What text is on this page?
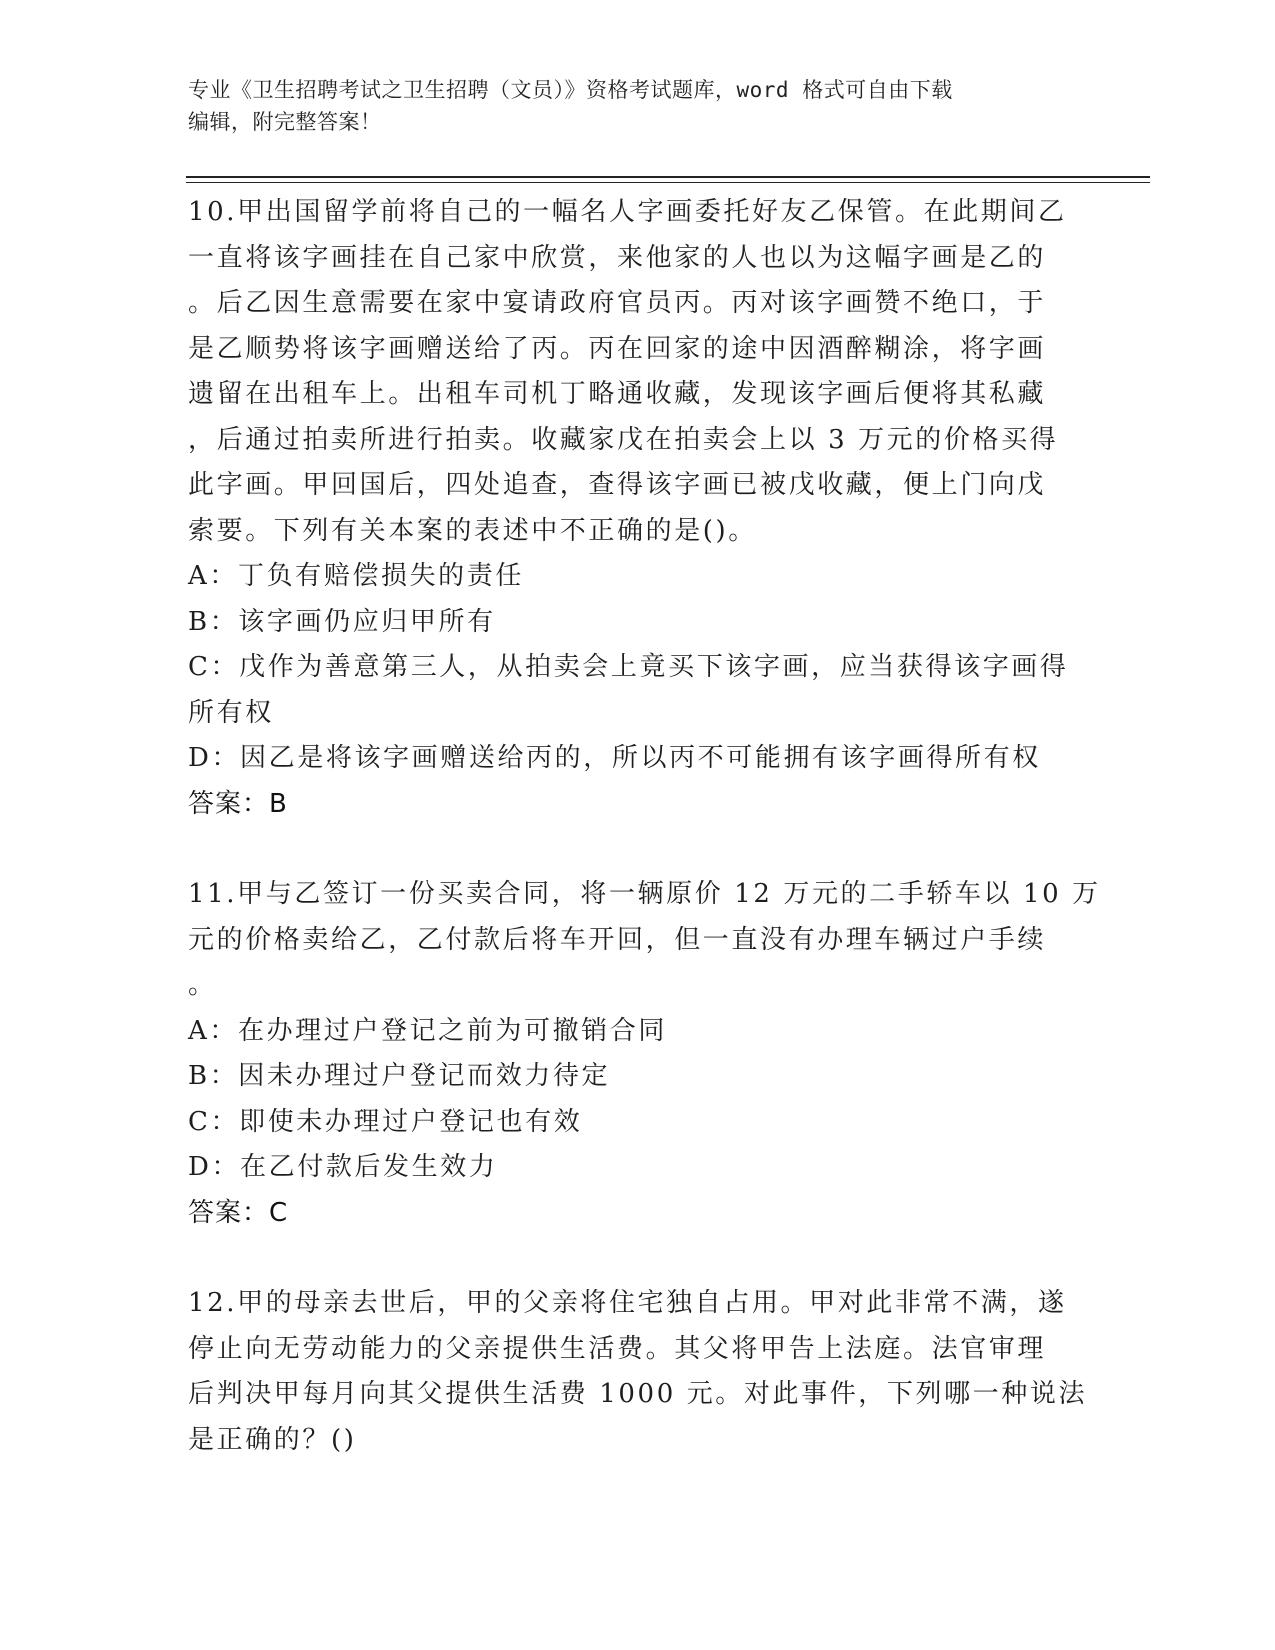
专业《卫生招聘考试之卫生招聘（文员）》资格考试题库，word 格式可自由下载
编辑，附完整答案！
10.甲出国留学前将自己的一幅名人字画委托好友乙保管。在此期间乙
一直将该字画挂在自己家中欣赏，来他家的人也以为这幅字画是乙的
。后乙因生意需要在家中宴请政府官员丙。丙对该字画赞不绝口，于
是乙顺势将该字画赠送给了丙。丙在回家的途中因酒醉糊涂，将字画
遗留在出租车上。出租车司机丁略通收藏，发现该字画后便将其私藏
，后通过拍卖所进行拍卖。收藏家戊在拍卖会上以 3 万元的价格买得
此字画。甲回国后，四处追查，查得该字画已被戊收藏，便上门向戊
索要。下列有关本案的表述中不正确的是()。
A：丁负有赔偿损失的责任
B：该字画仍应归甲所有
C：戊作为善意第三人，从拍卖会上竟买下该字画，应当获得该字画得
所有权
D：因乙是将该字画赠送给丙的，所以丙不可能拥有该字画得所有权
答案：B
11.甲与乙签订一份买卖合同，将一辆原价 12 万元的二手轿车以 10 万
元的价格卖给乙，乙付款后将车开回，但一直没有办理车辆过户手续
。
A：在办理过户登记之前为可撤销合同
B：因未办理过户登记而效力待定
C：即使未办理过户登记也有效
D：在乙付款后发生效力
答案：C
12.甲的母亲去世后，甲的父亲将住宅独自占用。甲对此非常不满，遂
停止向无劳动能力的父亲提供生活费。其父将甲告上法庭。法官审理
后判决甲每月向其父提供生活费 1000 元。对此事件，下列哪一种说法
是正确的？()
